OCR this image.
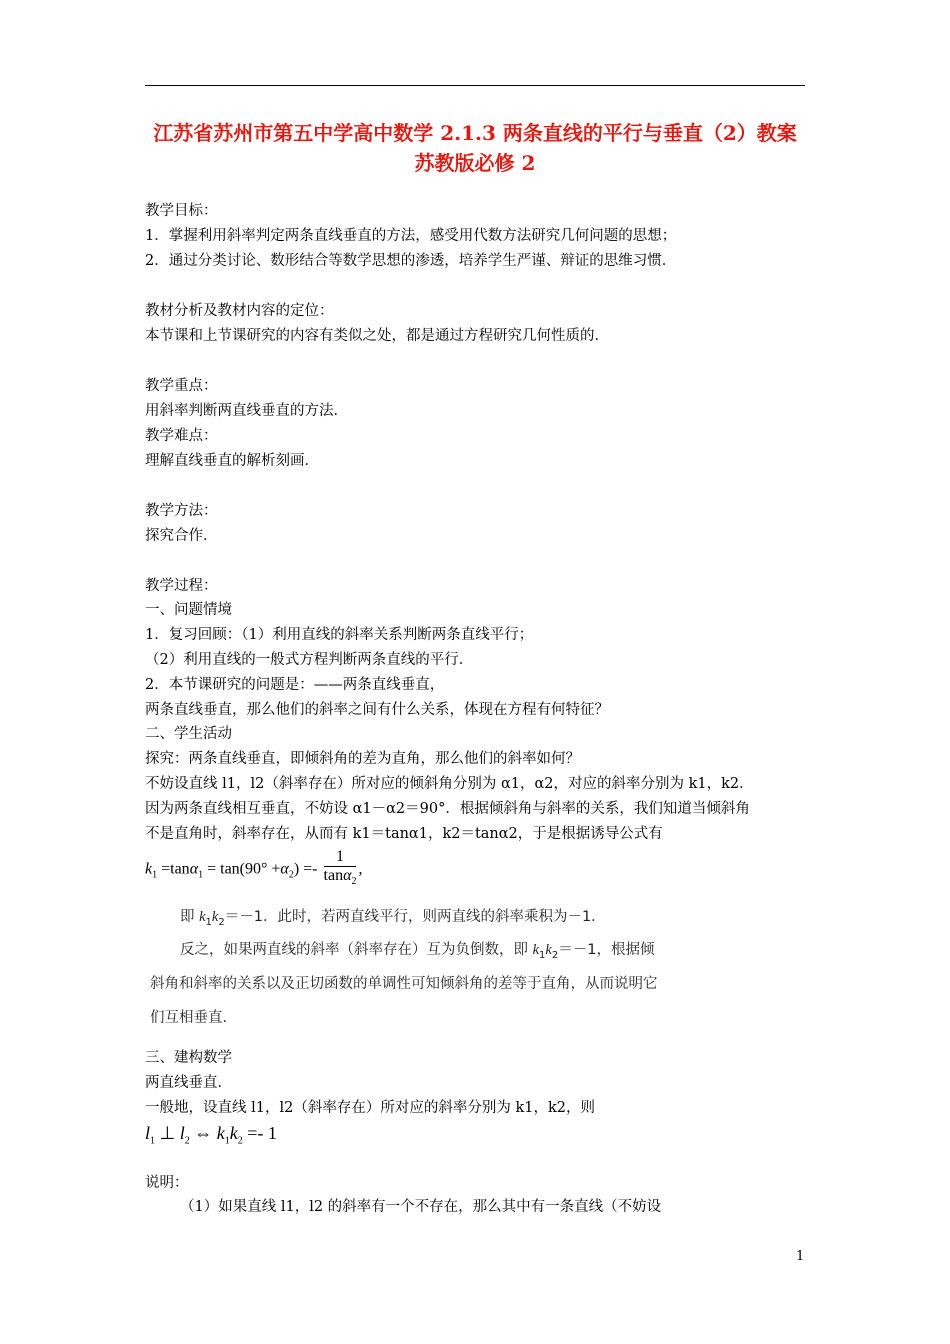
江苏省苏州市第五中学高中数学 2.1.3 两条直线的平行与垂直（2）教案 苏教版必修 2
教学目标：
1．掌握利用斜率判定两条直线垂直的方法，感受用代数方法研究几何问题的思想；
2．通过分类讨论、数形结合等数学思想的渗透，培养学生严谨、辩证的思维习惯．
教材分析及教材内容的定位：
本节课和上节课研究的内容有类似之处，都是通过方程研究几何性质的．
教学重点：
用斜率判断两直线垂直的方法．
教学难点：
理解直线垂直的解析刻画．
教学方法：
探究合作．
教学过程：
一、问题情境
1．复习回顾：（1）利用直线的斜率关系判断两条直线平行；
（2）利用直线的一般式方程判断两条直线的平行．
2．本节课研究的问题是：——两条直线垂直，
两条直线垂直，那么他们的斜率之间有什么关系，体现在方程有何特征？
二、学生活动
探究：两条直线垂直，即倾斜角的差为直角，那么他们的斜率如何？
不妨设直线 l1，l2（斜率存在）所对应的倾斜角分别为 α1，α2，对应的斜率分别为 k1，k2．
因为两条直线相互垂直，不妨设 α1－α2＝90°．根据倾斜角与斜率的关系，我们知道当倾斜角
不是直角时，斜率存在，从而有 k1＝tanα1，k2＝tanα2，于是根据诱导公式有
$k_1 =\tan\alpha_1 = \tan(90^\circ +\alpha_2) =- \frac{1}{\tan\alpha_2}$ ,
即 $k_1k_2=-1$．此时，若两直线平行，则两直线的斜率乘积为－1．
反之，如果两直线的斜率（斜率存在）互为负倒数，即 $k_1k_2=-1$，根据倾
斜角和斜率的关系以及正切函数的单调性可知倾斜角的差等于直角，从而说明它
们互相垂直.
三、建构数学
两直线垂直．
一般地，设直线 l1，l2（斜率存在）所对应的斜率分别为 k1，k2，则
$l_1$ ⊥ $l_2$ ⇔ $k_1k_2 =- 1$
说明：
（1）如果直线 l1，l2 的斜率有一个不存在，那么其中有一条直线（不妨设
1
